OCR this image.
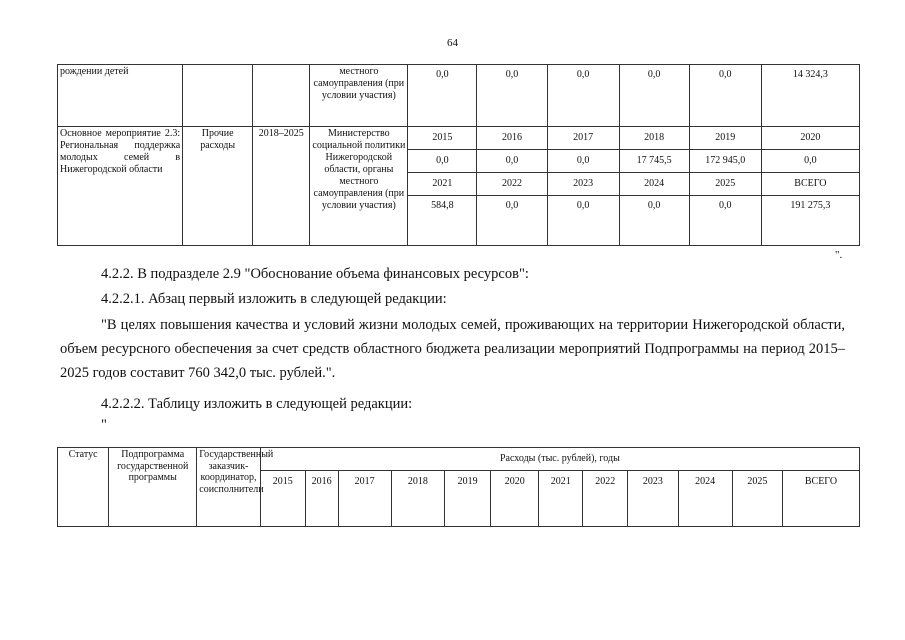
64
рождении детей			местного самоуправления (при условии участия)	0,0	0,0	0,0	0,0	0,0	14 324,3
Основное мероприятие 2.3: Региональная поддержка молодых семей в Нижегородской области	Прочие расходы	2018–2025	Министерство социальной политики Нижегородской области, органы местного самоуправления (при условии участия)	2015	2016	2017	2018	2019	2020
				0,0	0,0	0,0	17 745,5	172 945,0	0,0
				2021	2022	2023	2024	2025	ВСЕГО
				584,8	0,0	0,0	0,0	0,0	191 275,3
".

4.2.2. В подразделе 2.9 "Обоснование объема финансовых ресурсов":

4.2.2.1. Абзац первый изложить в следующей редакции:

"В целях повышения качества и условий жизни молодых семей, проживающих на территории Нижегородской области, объем ресурсного обеспечения за счет средств областного бюджета реализации мероприятий Подпрограммы на период 2015–2025 годов составит 760 342,0 тыс. рублей.".

4.2.2.2. Таблицу изложить в следующей редакции:

"

Статус	Подпрограмма государственной программы	Государственный заказчик-координатор, соисполнители	Расходы (тыс. рублей), годы											
			2015	2016	2017	2018	2019	2020	2021	2022	2023	2024	2025	ВСЕГО
